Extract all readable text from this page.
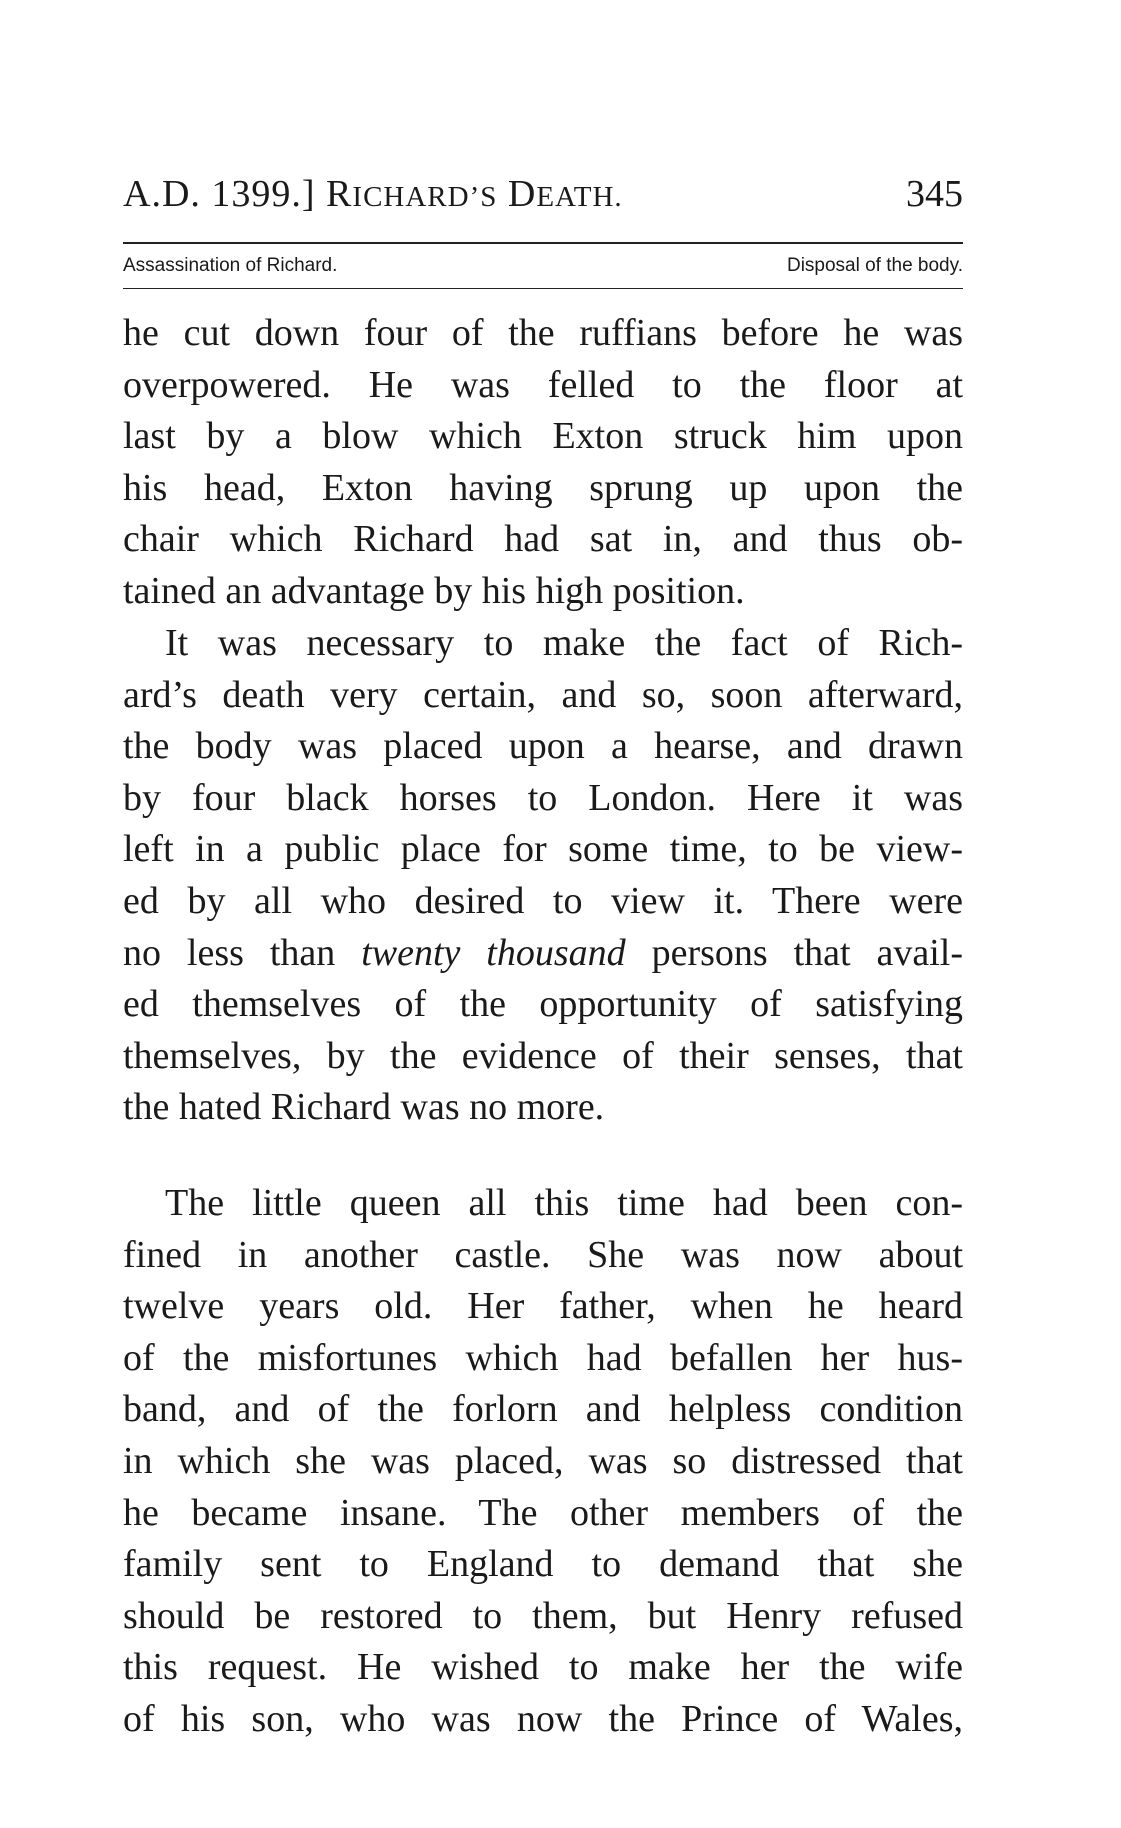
A.D. 1399.] RICHARD’S DEATH.	345
Assassination of Richard.	Disposal of the body.
he cut down four of the ruffians before he was
overpowered. He was felled to the floor at
last by a blow which Exton struck him upon
his head, Exton having sprung up upon the
chair which Richard had sat in, and thus ob-
tained an advantage by his high position.
It was necessary to make the fact of Rich-
ard’s death very certain, and so, soon afterward,
the body was placed upon a hearse, and drawn
by four black horses to London. Here it was
left in a public place for some time, to be view-
ed by all who desired to view it. There were
no less than twenty thousand persons that avail-
ed themselves of the opportunity of satisfying
themselves, by the evidence of their senses, that
the hated Richard was no more.
The little queen all this time had been con-
fined in another castle. She was now about
twelve years old. Her father, when he heard
of the misfortunes which had befallen her hus-
band, and of the forlorn and helpless condition
in which she was placed, was so distressed that
he became insane. The other members of the
family sent to England to demand that she
should be restored to them, but Henry refused
this request. He wished to make her the wife
of his son, who was now the Prince of Wales,
